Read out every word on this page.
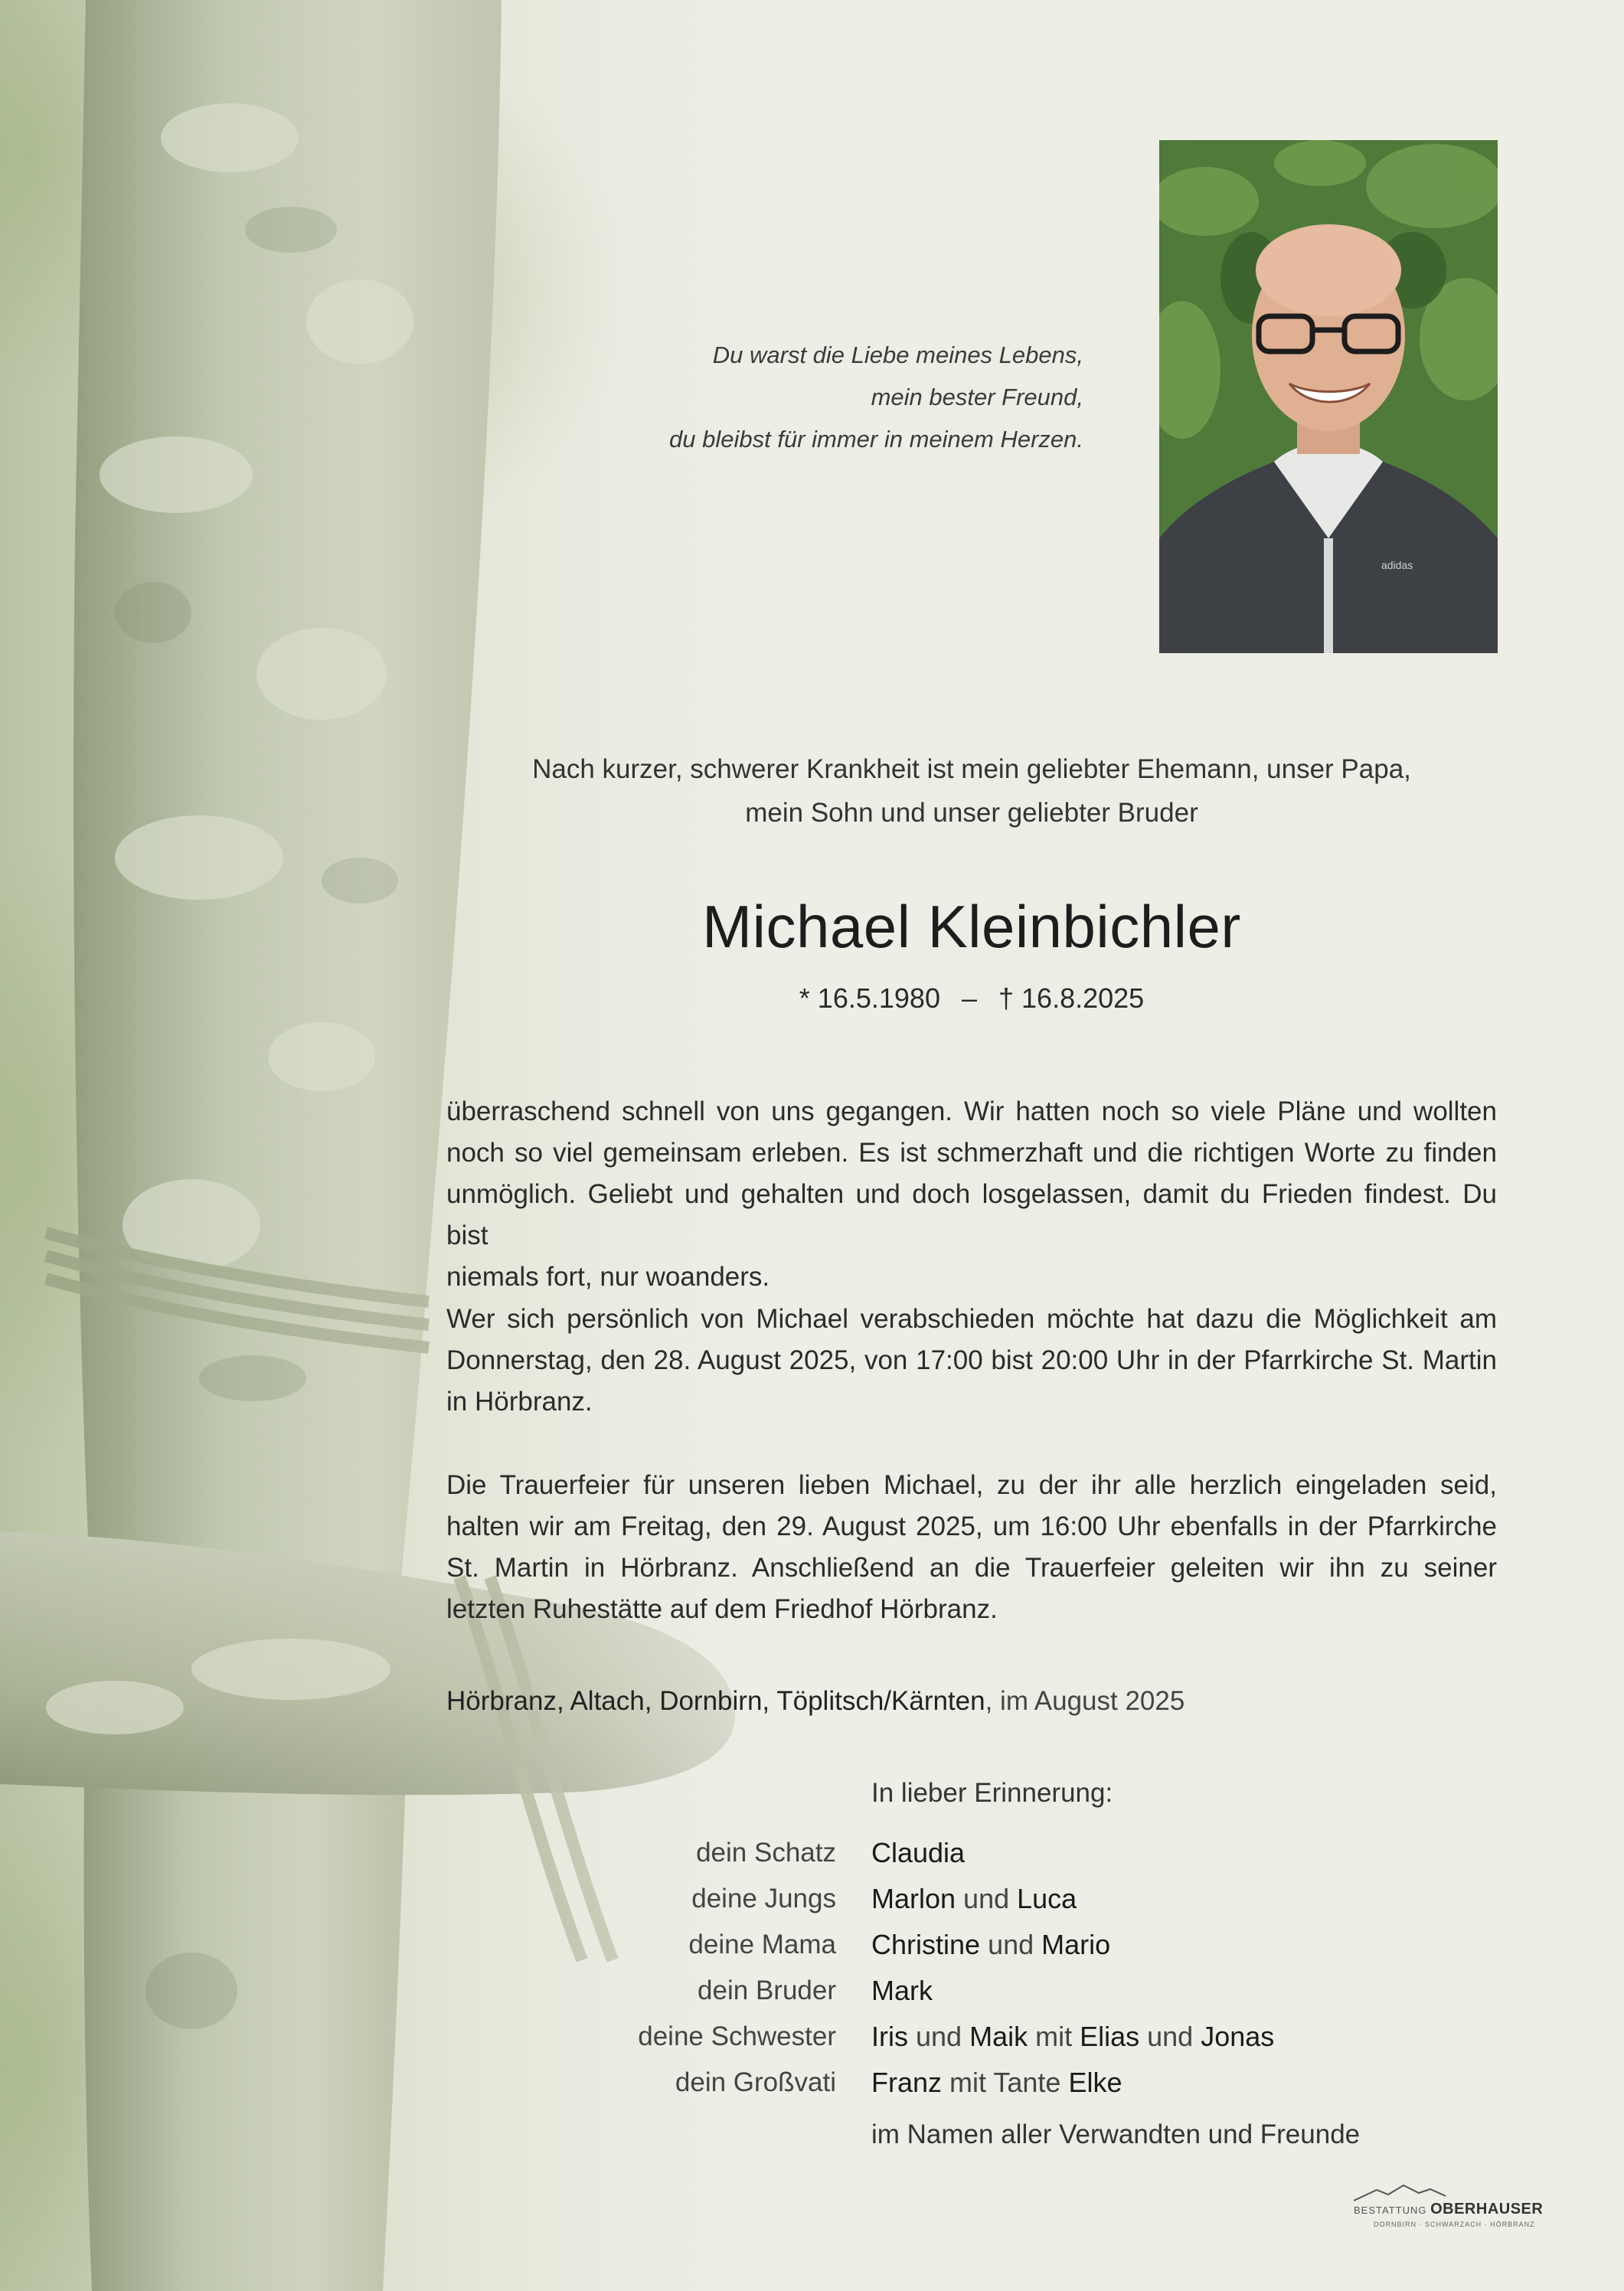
Du warst die Liebe meines Lebens,
mein bester Freund,
du bleibst für immer in meinem Herzen.
adidas
Nach kurzer, schwerer Krankheit ist mein geliebter Ehemann, unser Papa,
mein Sohn und unser geliebter Bruder
Michael Kleinbichler
* 16.5.1980 – † 16.8.2025
überraschend schnell von uns gegangen. Wir hatten noch so viele Pläne und wollten
noch so viel gemeinsam erleben. Es ist schmerzhaft und die richtigen Worte zu finden
unmöglich. Geliebt und gehalten und doch losgelassen, damit du Frieden findest. Du bist
niemals fort, nur woanders.
Wer sich persönlich von Michael verabschieden möchte hat dazu die Möglichkeit am
Donnerstag, den 28. August 2025, von 17:00 bist 20:00 Uhr in der Pfarrkirche St. Martin
in Hörbranz.
Die Trauerfeier für unseren lieben Michael, zu der ihr alle herzlich eingeladen seid,
halten wir am Freitag, den 29. August 2025, um 16:00 Uhr ebenfalls in der Pfarrkirche
St. Martin in Hörbranz. Anschließend an die Trauerfeier geleiten wir ihn zu seiner
letzten Ruhestätte auf dem Friedhof Hörbranz.
Hörbranz, Altach, Dornbirn, Töplitsch/Kärnten, im August 2025
In lieber Erinnerung:
dein Schatz
deine Jungs
deine Mama
dein Bruder
deine Schwester
dein Großvati
Claudia
Marlon und Luca
Christine und Mario
Mark
Iris und Maik mit Elias und Jonas
Franz mit Tante Elke
im Namen aller Verwandten und Freunde
BESTATTUNG OBERHAUSER
DORNBIRN · SCHWARZACH · HÖRBRANZ
